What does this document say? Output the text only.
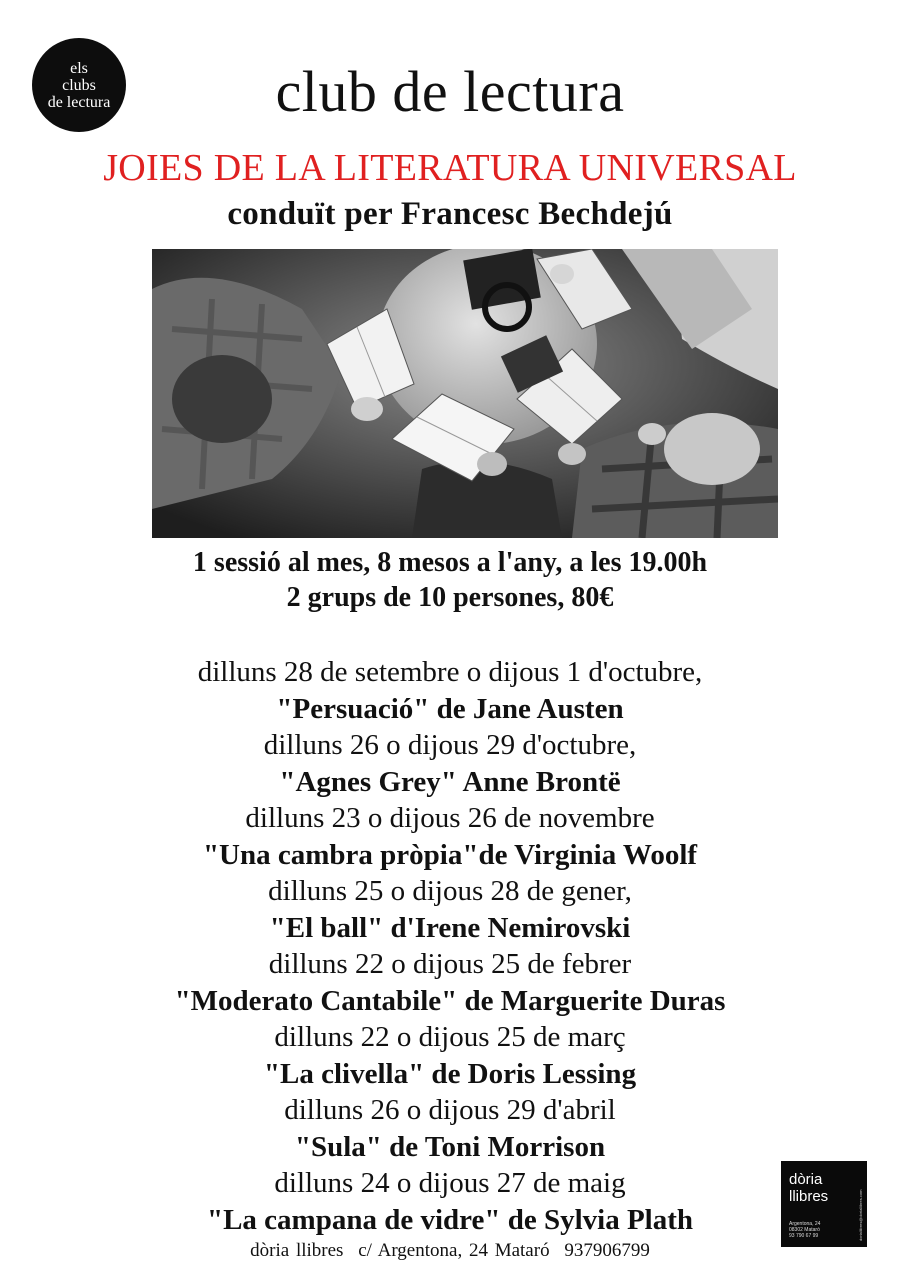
els
clubs
de lectura	club de lectura
JOIES DE LA LITERATURA UNIVERSAL
conduït per Francesc Bechdejú
1 sessió al mes, 8 mesos a l'any, a les 19.00h
2 grups de 10 persones, 80€
dilluns 28 de setembre o dijous 1 d'octubre,
"Persuació" de Jane Austen
dilluns 26 o dijous 29 d'octubre,
"Agnes Grey" Anne Brontë
dilluns 23 o dijous 26 de novembre
"Una cambra pròpia"de Virginia Woolf
dilluns 25 o dijous 28 de gener,
"El ball" d'Irene Nemirovski
dilluns 22 o dijous 25 de febrer
"Moderato Cantabile" de Marguerite Duras
dilluns 22 o dijous 25 de març
"La clivella" de Doris Lessing
dilluns 26 o dijous 29 d'abril
"Sula" de Toni Morrison
dilluns 24 o dijous 27 de maig
"La campana de vidre" de Sylvia Plath
dòria llibres c/ Argentona, 24 Mataró 937906799
dòria
llibres
Argentona, 24
08302 Mataró
93 790 67 99	doriallibres@doriallibres.com
